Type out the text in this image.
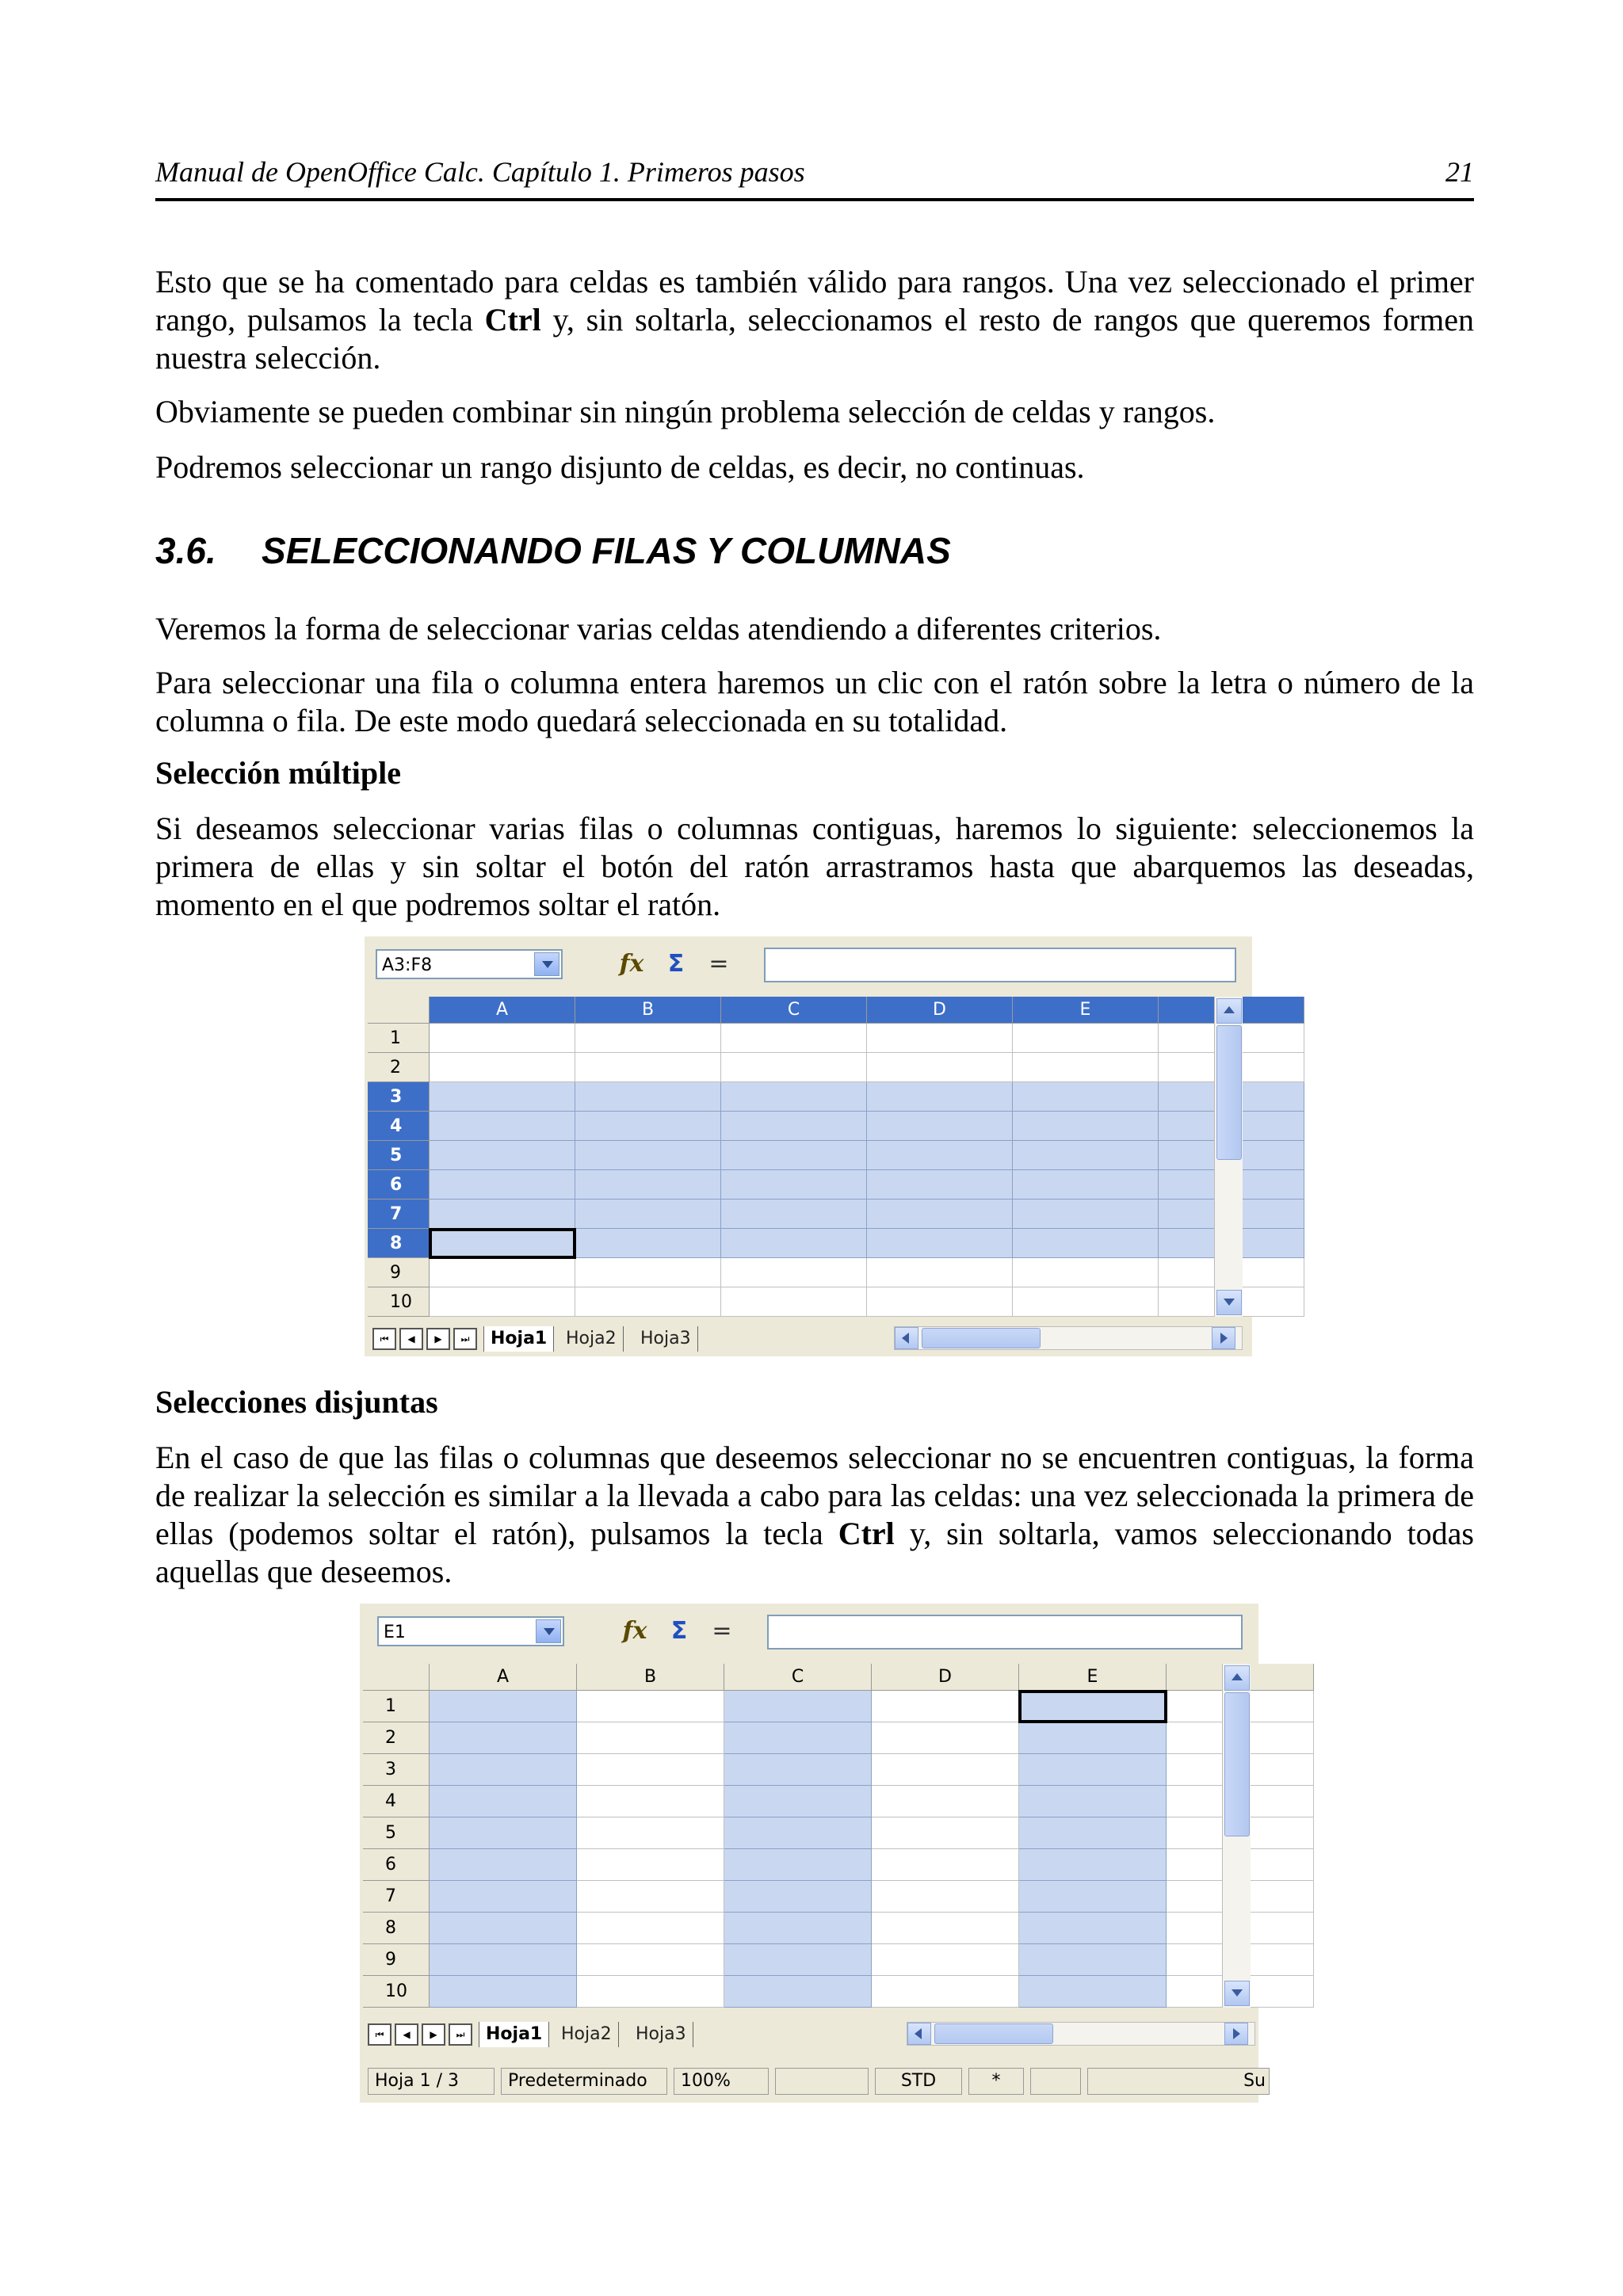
Manual de OpenOffice Calc. Capítulo 1. Primeros pasos	21

Esto que se ha comentado para celdas es también válido para rangos. Una vez seleccionado el primer rango, pulsamos la tecla Ctrl y, sin soltarla, seleccionamos el resto de rangos que queremos formen nuestra selección.

Obviamente se pueden combinar sin ningún problema selección de celdas y rangos.

Podremos seleccionar un rango disjunto de celdas, es decir, no continuas.

3.6. SELECCIONANDO FILAS Y COLUMNAS

Veremos la forma de seleccionar varias celdas atendiendo a diferentes criterios.

Para seleccionar una fila o columna entera haremos un clic con el ratón sobre la letra o número de la columna o fila. De este modo quedará seleccionada en su totalidad.

Selección múltiple

Si deseamos seleccionar varias filas o columnas contiguas, haremos lo siguiente: seleccionemos la primera de ellas y sin soltar el botón del ratón arrastramos hasta que abarquemos las deseadas, momento en el que podremos soltar el ratón.

A3:F8	fx	Σ	=
A	B	C	D	E
1
2
3
4
5
6
7
8
9
10
⏮	◀	▶	⏭	Hoja1	Hoja2	Hoja3
Selecciones disjuntas

En el caso de que las filas o columnas que deseemos seleccionar no se encuentren contiguas, la forma de realizar la selección es similar a la llevada a cabo para las celdas: una vez seleccionada la primera de ellas (podemos soltar el ratón), pulsamos la tecla Ctrl y, sin soltarla, vamos seleccionando todas aquellas que deseemos.

E1	fx	Σ	=
A	B	C	D	E
1
2
3
4
5
6
7
8
9
10
⏮	◀	▶	⏭	Hoja1	Hoja2	Hoja3
Hoja 1 / 3	Predeterminado	100%	STD	*	Su
